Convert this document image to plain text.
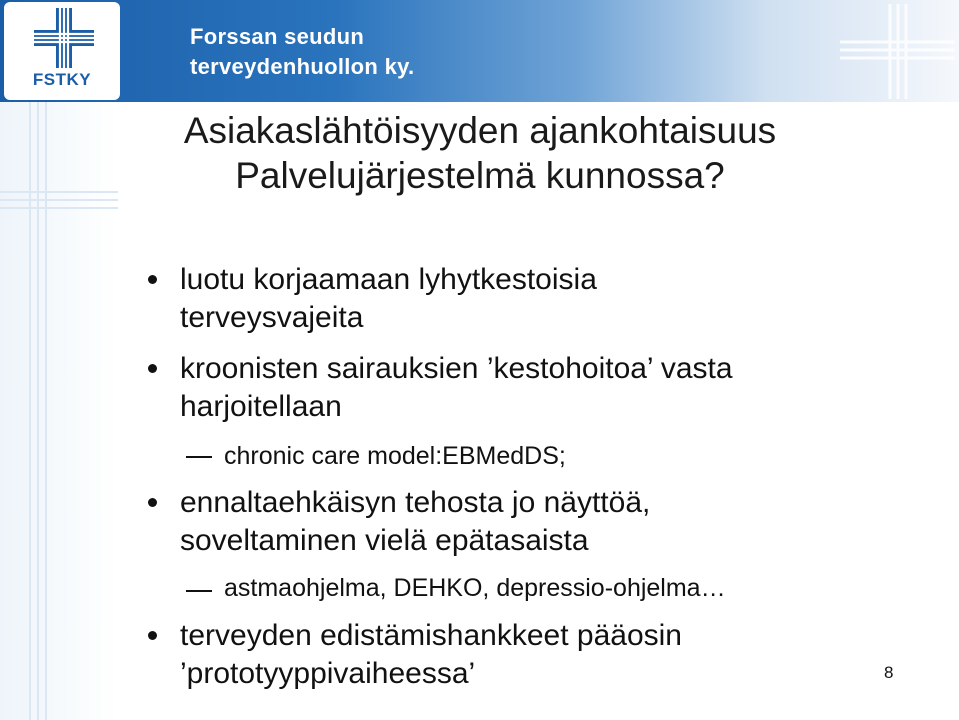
FSTKY
Forssan seudun
terveydenhuollon ky.
Asiakaslähtöisyyden ajankohtaisuus
Palvelujärjestelmä kunnossa?
luotu korjaamaan lyhytkestoisia
terveysvajeita
kroonisten sairauksien ’kestohoitoa’ vasta
harjoitellaan
chronic care model:EBMedDS;
ennaltaehkäisyn tehosta jo näyttöä,
soveltaminen vielä epätasaista
astmaohjelma, DEHKO, depressio-ohjelma…
terveyden edistämishankkeet pääosin
’prototyyppivaiheessa’	8
